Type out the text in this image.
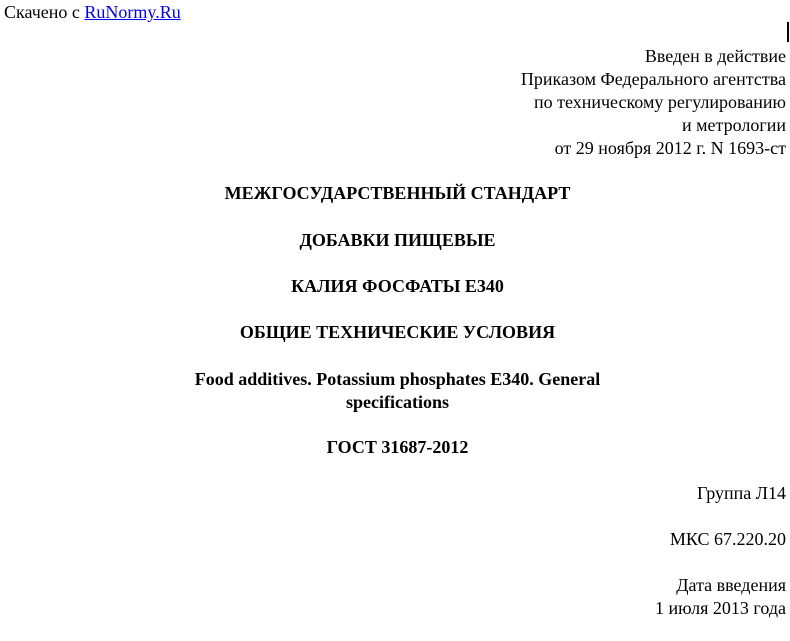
Скачено с RuNormy.Ru
Введен в действие
Приказом Федерального агентства
по техническому регулированию
и метрологии
от 29 ноября 2012 г. N 1693-ст
МЕЖГОСУДАРСТВЕННЫЙ СТАНДАРТ
ДОБАВКИ ПИЩЕВЫЕ
КАЛИЯ ФОСФАТЫ Е340
ОБЩИЕ ТЕХНИЧЕСКИЕ УСЛОВИЯ
Food additives. Potassium phosphates E340. General specifications
ГОСТ 31687-2012
Группа Л14
МКС 67.220.20
Дата введения
1 июля 2013 года
